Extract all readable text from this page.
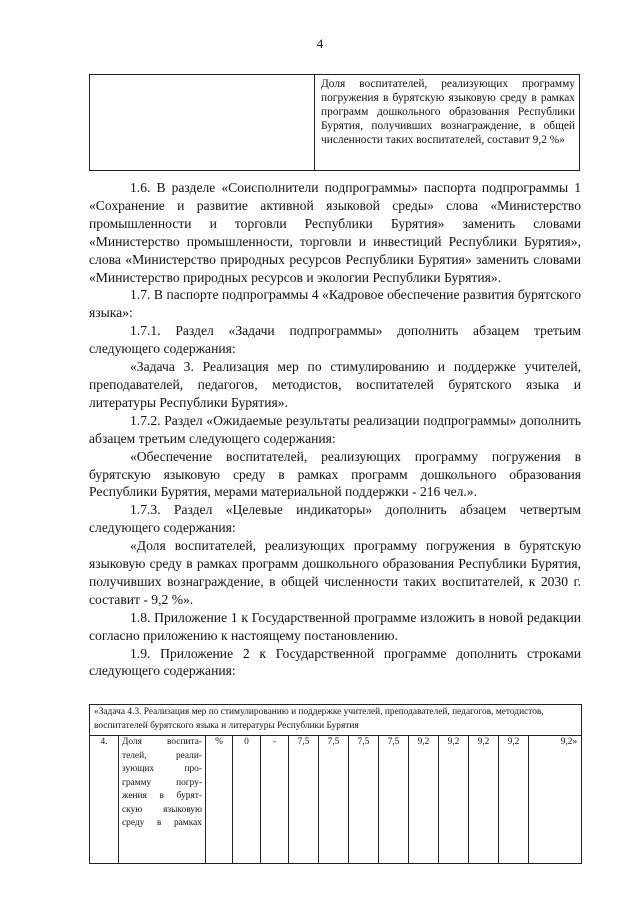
4
	Доля воспитателей, реализующих программу погружения в бурятскую языковую среду в рамках программ дошкольного образования Республики Бурятия, получивших вознаграждение, в общей численности таких воспитателей, составит 9,2 %»

1.6. В разделе «Соисполнители подпрограммы» паспорта подпрограммы 1 «Сохранение и развитие активной языковой среды» слова «Министерство промышленности и торговли Республики Бурятия» заменить словами «Министерство промышленности, торговли и инвестиций Республики Бурятия», слова «Министерство природных ресурсов Республики Бурятия» заменить словами «Министерство природных ресурсов и экологии Республики Бурятия».

1.7. В паспорте подпрограммы 4 «Кадровое обеспечение развития бурятского языка»:

1.7.1. Раздел «Задачи подпрограммы» дополнить абзацем третьим следующего содержания:

«Задача 3. Реализация мер по стимулированию и поддержке учителей, преподавателей, педагогов, методистов, воспитателей бурятского языка и литературы Республики Бурятия».

1.7.2. Раздел «Ожидаемые результаты реализации подпрограммы» дополнить абзацем третьим следующего содержания:

«Обеспечение воспитателей, реализующих программу погружения в бурятскую языковую среду в рамках программ дошкольного образования Республики Бурятия, мерами материальной поддержки - 216 чел.».

1.7.3. Раздел «Целевые индикаторы» дополнить абзацем четвертым следующего содержания:

«Доля воспитателей, реализующих программу погружения в бурятскую языковую среду в рамках программ дошкольного образования Республики Бурятия, получивших вознаграждение, в общей численности таких воспитателей, к 2030 г. составит - 9,2 %».

1.8. Приложение 1 к Государственной программе изложить в новой редакции согласно приложению к настоящему постановлению.

1.9. Приложение 2 к Государственной программе дополнить строками следующего содержания:

«Задача 4.3. Реализация мер по стимулированию и поддержке учителей, преподавателей, педагогов, методистов, воспитателей бурятского языка и литературы Республики Бурятия
4.	Доля воспита-
телей, реали-
зующих про-
грамму погру-
жения в бурят-
скую языковую
среду в рамках
	%	0	-	7,5	7,5	7,5	7,5	9,2	9,2	9,2	9,2	9,2»
